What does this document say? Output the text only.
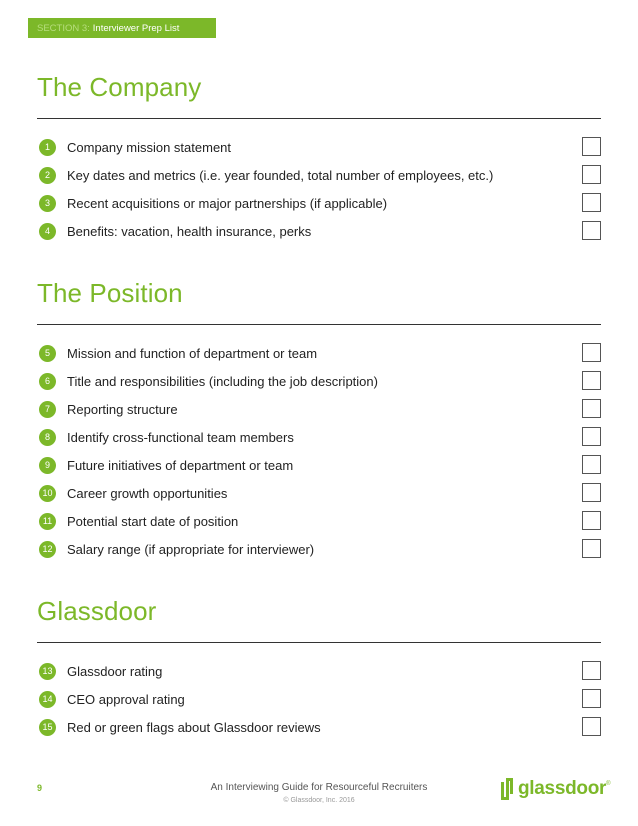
SECTION 3: Interviewer Prep List
The Company
1	Company mission statement
2	Key dates and metrics (i.e. year founded, total number of employees, etc.)
3	Recent acquisitions or major partnerships (if applicable)
4	Benefits: vacation, health insurance, perks
The Position
5	Mission and function of department or team
6	Title and responsibilities (including the job description)
7	Reporting structure
8	Identify cross-functional team members
9	Future initiatives of department or team
10 Career growth opportunities
11 Potential start date of position
12 Salary range (if appropriate for interviewer)
Glassdoor
13 Glassdoor rating
14 CEO approval rating
15 Red or green flags about Glassdoor reviews
9	An Interviewing Guide for Resourceful Recruiters
© Glassdoor, Inc. 2016
glassdoor ®
